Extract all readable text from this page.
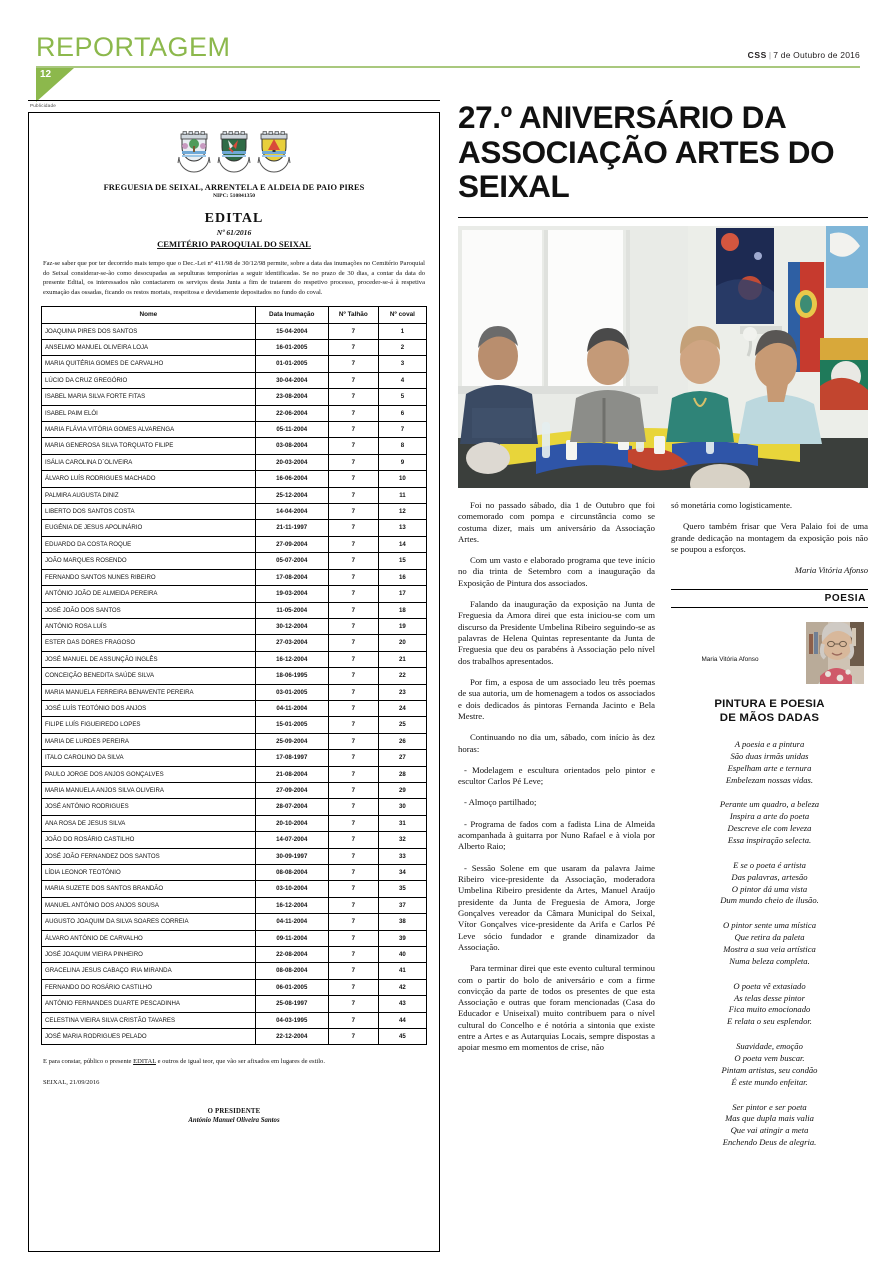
REPORTAGEM	CSS | 7 de Outubro de 2016
12
Publicidade
FREGUESIA DE SEIXAL, ARRENTELA E ALDEIA DE PAIO PIRES
NIPC: 510841350
EDITAL
Nº 61/2016
CEMITÉRIO PAROQUIAL DO SEIXAL
Faz-se saber que por ter decorrido mais tempo que o Dec.-Lei nº 411/98 de 30/12/98 permite, sobre a data das inumações no Cemitério Paroquial do Seixal considerar-se-ão como desocupadas as sepulturas temporárias a seguir identificadas. Se no prazo de 30 dias, a contar da data do presente Edital, os interessados não contactarem os serviços desta Junta a fim de tratarem do respetivo processo, proceder-se-á à respetiva exumação das ossadas, ficando os restos mortais, respeitosa e devidamente depositados no fundo do coval.
Nome	Data Inumação	Nº Talhão	Nº coval
JOAQUINA PIRES DOS SANTOS	15-04-2004	7	1
ANSELMO MANUEL OLIVEIRA LOJA	16-01-2005	7	2
MARIA QUITÉRIA GOMES DE CARVALHO	01-01-2005	7	3
LÚCIO DA CRUZ GREGÓRIO	30-04-2004	7	4
ISABEL MARIA SILVA FORTE FITAS	23-08-2004	7	5
ISABEL PAIM ELÓI	22-06-2004	7	6
MARIA FLÁVIA VITÓRIA GOMES ALVARENGA	05-11-2004	7	7
MARIA GENEROSA SILVA TORQUATO FILIPE	03-08-2004	7	8
ISÁLIA CAROLINA D`OLIVEIRA	20-03-2004	7	9
ÁLVARO LUÍS RODRIGUES MACHADO	16-06-2004	7	10
PALMIRA AUGUSTA DINIZ	25-12-2004	7	11
LIBERTO DOS SANTOS COSTA	14-04-2004	7	12
EUGÉNIA DE JESUS APOLINÁRIO	21-11-1997	7	13
EDUARDO DA COSTA ROQUE	27-09-2004	7	14
JOÃO MARQUES ROSENDO	05-07-2004	7	15
FERNANDO SANTOS NUNES RIBEIRO	17-08-2004	7	16
ANTÓNIO JOÃO DE ALMEIDA PEREIRA	19-03-2004	7	17
JOSÉ JOÃO DOS SANTOS	11-05-2004	7	18
ANTÓNIO ROSA LUÍS	30-12-2004	7	19
ESTER DAS DORES FRAGOSO	27-03-2004	7	20
JOSÉ MANUEL DE ASSUNÇÃO INGLÊS	16-12-2004	7	21
CONCEIÇÃO BENEDITA SAÚDE SILVA	18-06-1995	7	22
MARIA MANUELA FERREIRA BENAVENTE PEREIRA	03-01-2005	7	23
JOSÉ LUÍS TEOTÓNIO DOS ANJOS	04-11-2004	7	24
FILIPE LUÍS FIGUEIREDO LOPES	15-01-2005	7	25
MARIA DE LURDES PEREIRA	25-09-2004	7	26
ITALO CAROLINO DA SILVA	17-08-1997	7	27
PAULO JORGE DOS ANJOS GONÇALVES	21-08-2004	7	28
MARIA MANUELA ANJOS SILVA OLIVEIRA	27-09-2004	7	29
JOSÉ ANTÓNIO RODRIGUES	28-07-2004	7	30
ANA ROSA DE JESUS SILVA	20-10-2004	7	31
JOÃO DO ROSÁRIO CASTILHO	14-07-2004	7	32
JOSÉ JOÃO FERNANDEZ DOS SANTOS	30-09-1997	7	33
LÍDIA LEONOR TEOTÓNIO	08-08-2004	7	34
MARIA SUZETE DOS SANTOS BRANDÃO	03-10-2004	7	35
MANUEL ANTÓNIO DOS ANJOS SOUSA	16-12-2004	7	37
AUGUSTO JOAQUIM DA SILVA SOARES CORREIA	04-11-2004	7	38
ÁLVARO ANTÓNIO DE CARVALHO	09-11-2004	7	39
JOSÉ JOAQUIM VIEIRA PINHEIRO	22-08-2004	7	40
GRACELINA JESUS CABAÇO IRIA MIRANDA	08-08-2004	7	41
FERNANDO DO ROSÁRIO CASTILHO	06-01-2005	7	42
ANTÓNIO FERNANDES DUARTE PESCADINHA	25-08-1997	7	43
CELESTINA VIEIRA SILVA CRISTÃO TAVARES	04-03-1995	7	44
JOSÉ MARIA RODRIGUES PELADO	22-12-2004	7	45
E para constar, público o presente EDITAL e outros de igual teor, que vão ser afixados em lugares de estilo.
SEIXAL, 21/09/2016
O PRESIDENTE
António Manuel Oliveira Santos
27.º ANIVERSÁRIO DA ASSOCIAÇÃO ARTES DO SEIXAL

Foi no passado sábado, dia 1 de Outubro que foi comemorado com pompa e circunstância como se costuma dizer, mais um aniversário da Associação Artes.

Com um vasto e elaborado programa que teve início no dia trinta de Setembro com a inauguração da Exposição de Pintura dos associados.

Falando da inauguração da exposição na Junta de Freguesia da Amora direi que esta iniciou-se com um discurso da Presidente Umbelina Ribeiro seguindo-se as palavras de Helena Quintas representante da Junta de Freguesia que deu os parabéns à Associação pelo nível dos trabalhos apresentados.

Por fim, a esposa de um associado leu três poemas de sua autoria, um de homenagem a todos os associados e dois dedicados ás pintoras Fernanda Jacinto e Bela Mestre.

Continuando no dia um, sábado, com início às dez horas:

- Modelagem e escultura orientados pelo pintor e escultor Carlos Pé Leve;

- Almoço partilhado;

- Programa de fados com a fadista Lina de Almeida acompanhada à guitarra por Nuno Rafael e à viola por Alberto Raio;

- Sessão Solene em que usaram da palavra Jaime Ribeiro vice-presidente da Associação, moderadora Umbelina Ribeiro presidente da Artes, Manuel Araújo presidente da Junta de Freguesia de Amora, Jorge Gonçalves vereador da Câmara Municipal do Seixal, Vítor Gonçalves vice-presidente da Arifa e Carlos Pé Leve sócio fundador e grande dinamizador da Associação.

Para terminar direi que este evento cultural terminou com o partir do bolo de aniversário e com a firme convicção da parte de todos os presentes de que esta Associação e outras que foram mencionadas (Casa do Educador e Uniseixal) muito contribuem para o nível cultural do Concelho e é notória a sintonia que existe entre a Artes e as Autarquias Locais, sempre dispostas a apoiar mesmo em momentos de crise, não

só monetária como logisticamente.

Quero também frisar que Vera Palaio foi de uma grande dedicação na montagem da exposição pois não se poupou a esforços.

Maria Vitória Afonso
POESIA
Maria Vitória Afonso
PINTURA E POESIA
DE MÃOS DADAS
A poesia e a pintura
São duas irmãs unidas
Espelham arte e ternura
Embelezam nossas vidas.
Perante um quadro, a beleza
Inspira a arte do poeta
Descreve ele com leveza
Essa inspiração selecta.
E se o poeta é artista
Das palavras, artesão
O pintor dá uma vista
Dum mundo cheio de ilusão.
O pintor sente uma mística
Que retira da paleta
Mostra a sua veia artística
Numa beleza completa.
O poeta vê extasiado
As telas desse pintor
Fica muito emocionado
E relata o seu esplendor.
Suavidade, emoção
O poeta vem buscar.
Pintam artistas, seu condão
É este mundo enfeitar.
Ser pintor e ser poeta
Mas que dupla mais valia
Que vai atingir a meta
Enchendo Deus de alegria.
